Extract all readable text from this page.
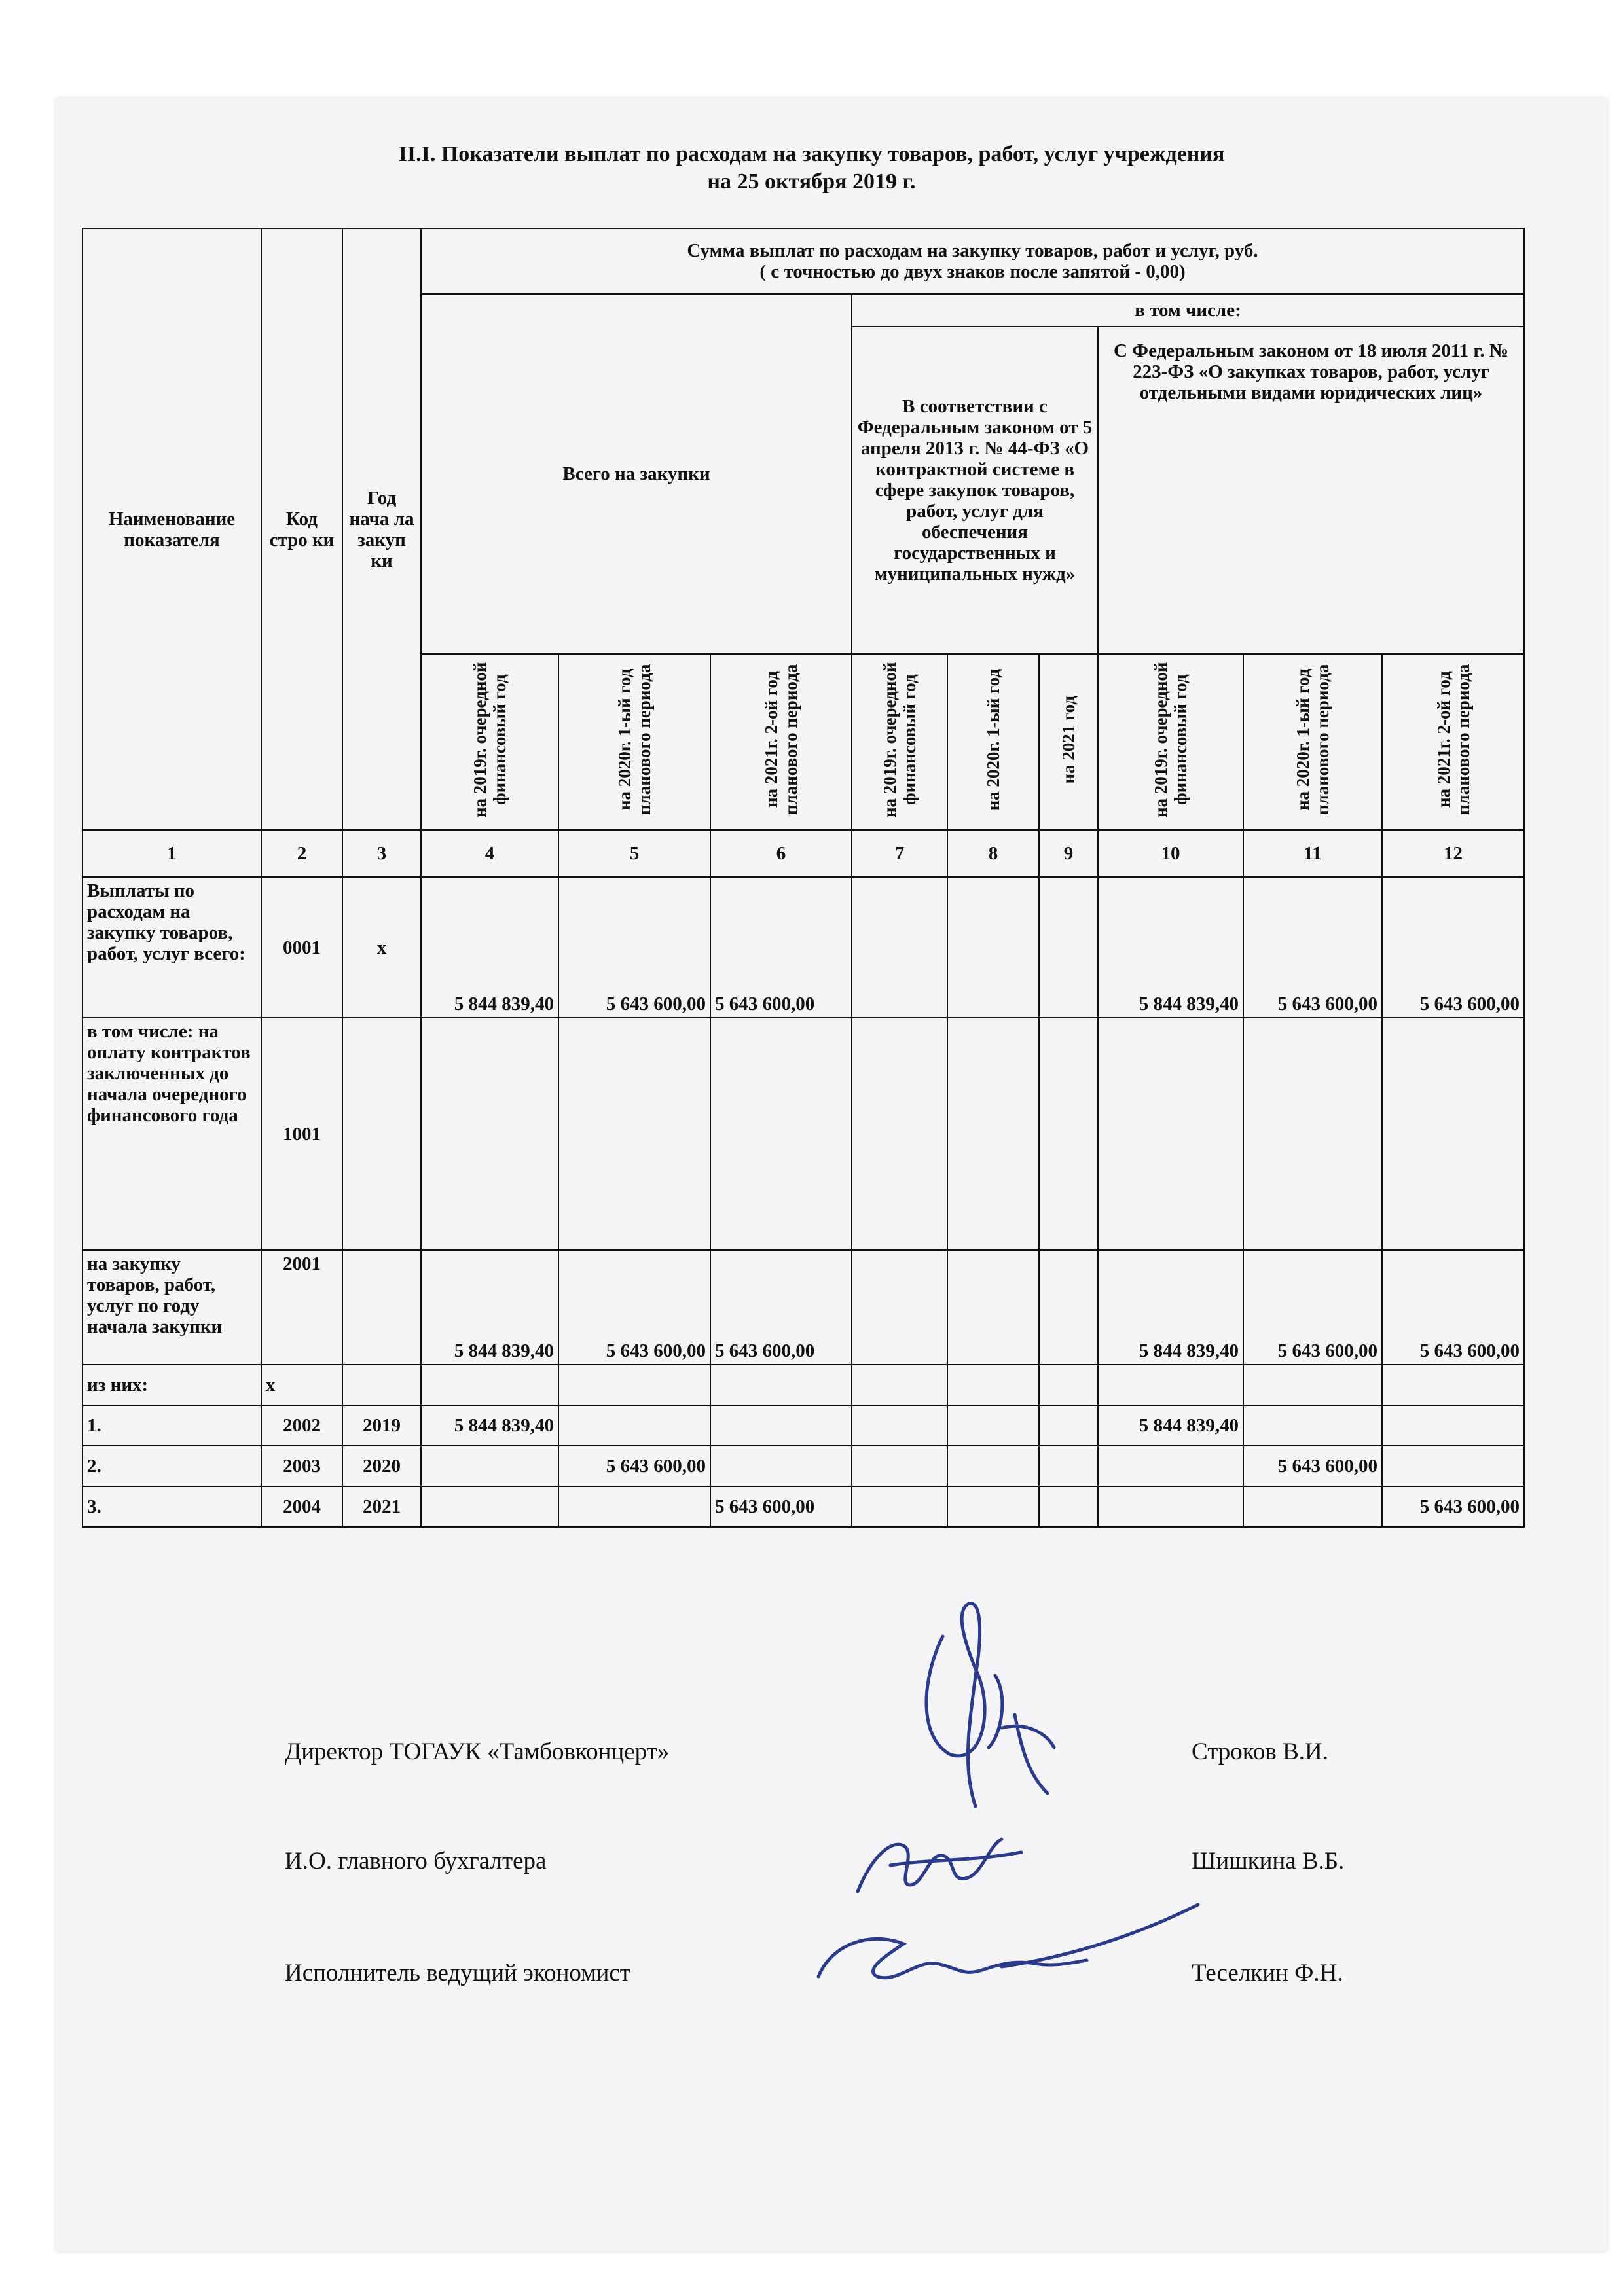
II.I. Показатели выплат по расходам на закупку товаров, работ, услуг учреждения
на 25 октября 2019 г.
Наименование показателя	Код стро ки	Год нача ла закуп ки	Сумма выплат по расходам на закупку товаров, работ и услуг, руб.
( с точностью до двух знаков после запятой - 0,00)								
			Всего на закупки			в том числе:					
						В соответствии с Федеральным законом от 5 апреля 2013 г. № 44-ФЗ «О контрактной системе в сфере закупок товаров, работ, услуг для обеспечения государственных и муниципальных нужд»			С Федеральным законом от 18 июля 2011 г. № 223-ФЗ «О закупках товаров, работ, услуг отдельными видами юридических лиц»		
			на 2019г. очередной финансовый год	на 2020г. 1-ый год планового периода	на 2021г. 2-ой год планового периода	на 2019г. очередной финансовый год	на 2020г. 1-ый год	на 2021 год	на 2019г. очередной финансовый год	на 2020г. 1-ый год планового периода	на 2021г. 2-ой год планового периода
1	2	3	4	5	6	7	8	9	10	11	12
Выплаты по расходам на закупку товаров, работ, услуг всего:	0001	x	5 844 839,40	5 643 600,00	5 643 600,00				5 844 839,40	5 643 600,00	5 643 600,00
в том числе: на оплату контрактов заключенных до начала очередного финансового года	1001										
на закупку товаров, работ, услуг по году начала закупки	2001		5 844 839,40	5 643 600,00	5 643 600,00				5 844 839,40	5 643 600,00	5 643 600,00
из них:	x										
1.	2002	2019	5 844 839,40						5 844 839,40		
2.	2003	2020		5 643 600,00						5 643 600,00	
3.	2004	2021			5 643 600,00						5 643 600,00
Директор ТОГАУК «Тамбовконцерт»	Строков В.И.
И.О. главного бухгалтера	Шишкина В.Б.
Исполнитель ведущий экономист	Теселкин Ф.Н.
